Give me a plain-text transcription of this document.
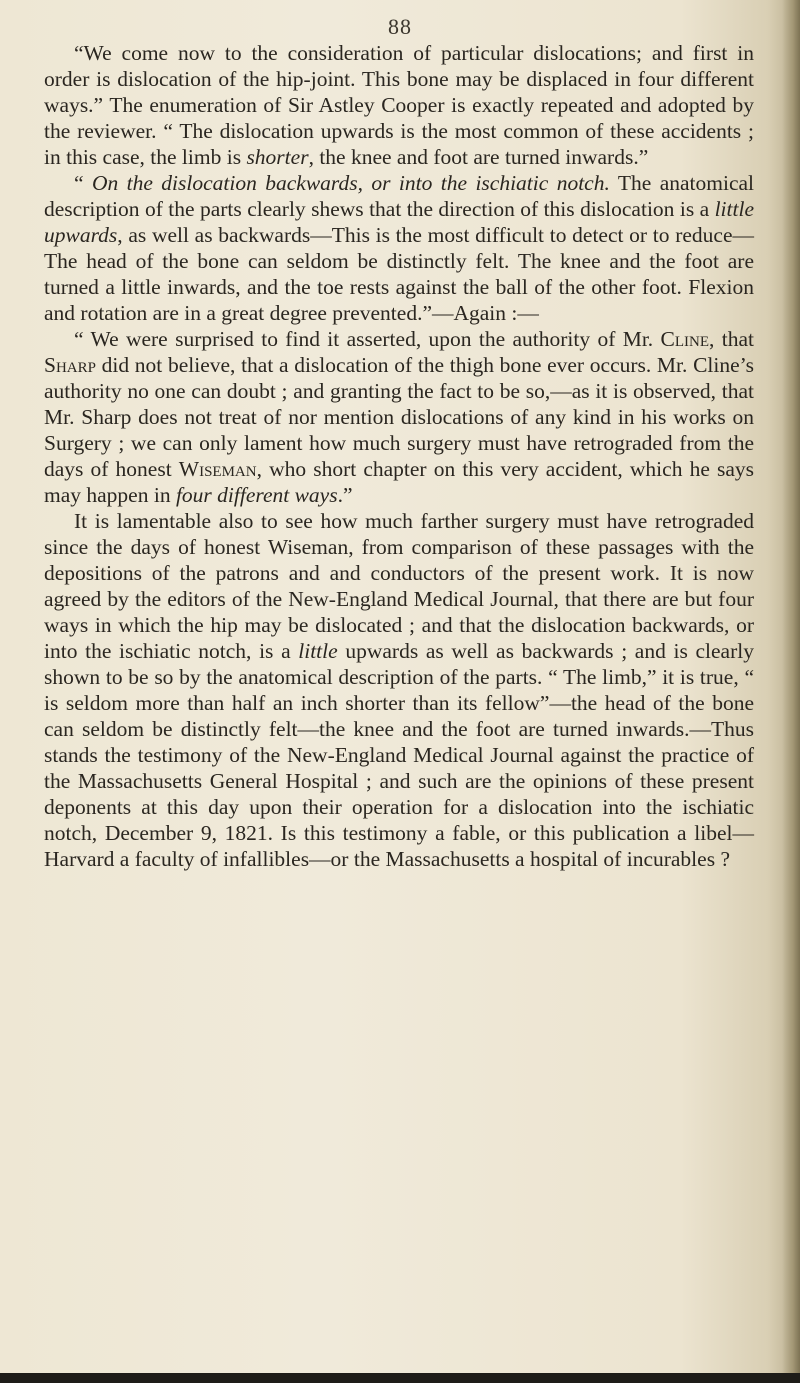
88

“We come now to the consideration of particular dislocations; and first in order is dislocation of the hip-joint. This bone may be displaced in four different ways.” The enumeration of Sir Astley Cooper is exactly repeated and adopted by the reviewer. “ The dislocation upwards is the most common of these accidents ; in this case, the limb is shorter, the knee and foot are turned inwards.”

“ On the dislocation backwards, or into the ischiatic notch. The anatomical description of the parts clearly shews that the direction of this dislocation is a little upwards, as well as backwards—This is the most difficult to detect or to reduce—The head of the bone can seldom be distinctly felt. The knee and the foot are turned a little inwards, and the toe rests against the ball of the other foot. Flexion and rotation are in a great degree prevented.”—Again :—

“ We were surprised to find it asserted, upon the authority of Mr. Cline, that Sharp did not believe, that a dislocation of the thigh bone ever occurs. Mr. Cline’s authority no one can doubt ; and granting the fact to be so,—as it is observed, that Mr. Sharp does not treat of nor mention dislocations of any kind in his works on Surgery ; we can only lament how much surgery must have retrograded from the days of honest Wiseman, who short chapter on this very accident, which he says may happen in four different ways.”

It is lamentable also to see how much farther surgery must have retrograded since the days of honest Wiseman, from comparison of these passages with the depositions of the patrons and and conductors of the present work. It is now agreed by the editors of the New-England Medical Journal, that there are but four ways in which the hip may be dislocated ; and that the dislocation backwards, or into the ischiatic notch, is a little upwards as well as backwards ; and is clearly shown to be so by the anatomical description of the parts. “ The limb,” it is true, “ is seldom more than half an inch shorter than its fellow”—the head of the bone can seldom be distinctly felt—the knee and the foot are turned inwards.—Thus stands the testimony of the New-England Medical Journal against the practice of the Massachusetts General Hospital ; and such are the opinions of these present deponents at this day upon their operation for a dislocation into the ischiatic notch, December 9, 1821. Is this testimony a fable, or this publication a libel—Harvard a faculty of infallibles—or the Massachusetts a hospital of incurables ?
